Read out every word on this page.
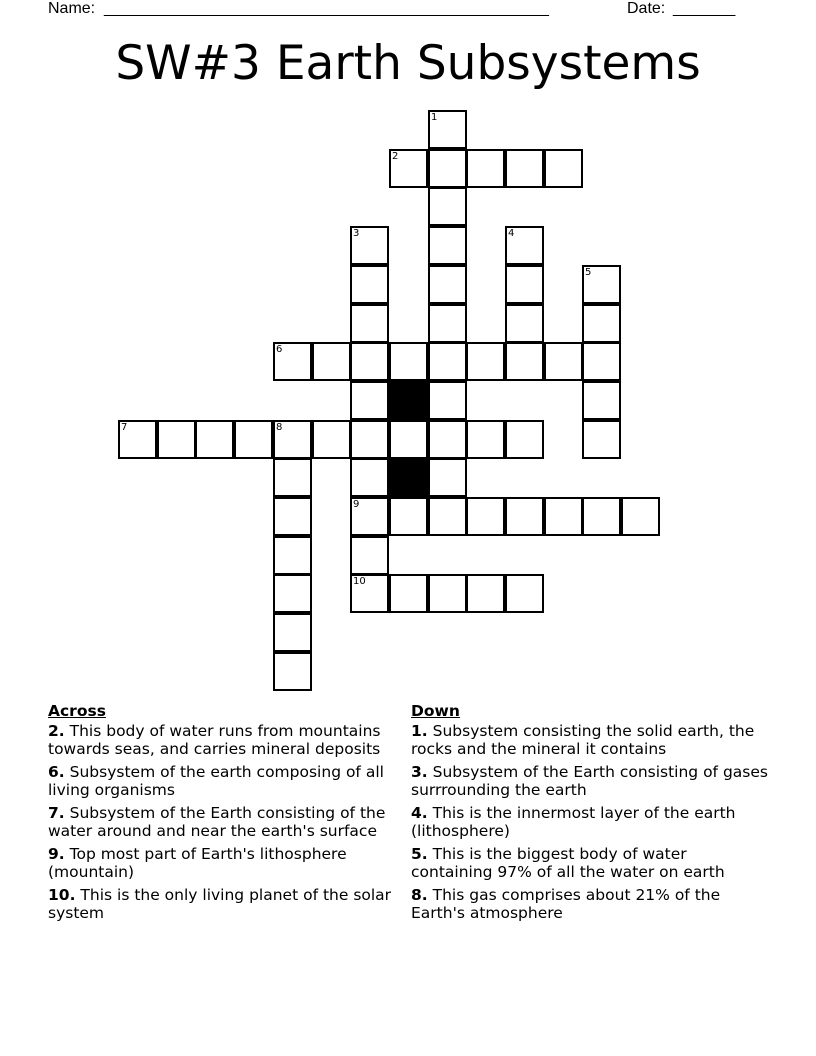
Name: __________________________________________________	Date: _______
SW#3 Earth Subsystems
1
2
3	4
5
6
7	8
9
10
Across
2. This body of water runs from mountains towards seas, and carries mineral deposits
6. Subsystem of the earth composing of all living organisms
7. Subsystem of the Earth consisting of the water around and near the earth's surface
9. Top most part of Earth's lithosphere (mountain)
10. This is the only living planet of the solar system
Down
1. Subsystem consisting the solid earth, the rocks and the mineral it contains
3. Subsystem of the Earth consisting of gases surrrounding the earth
4. This is the innermost layer of the earth (lithosphere)
5. This is the biggest body of water containing 97% of all the water on earth
8. This gas comprises about 21% of the Earth's atmosphere
